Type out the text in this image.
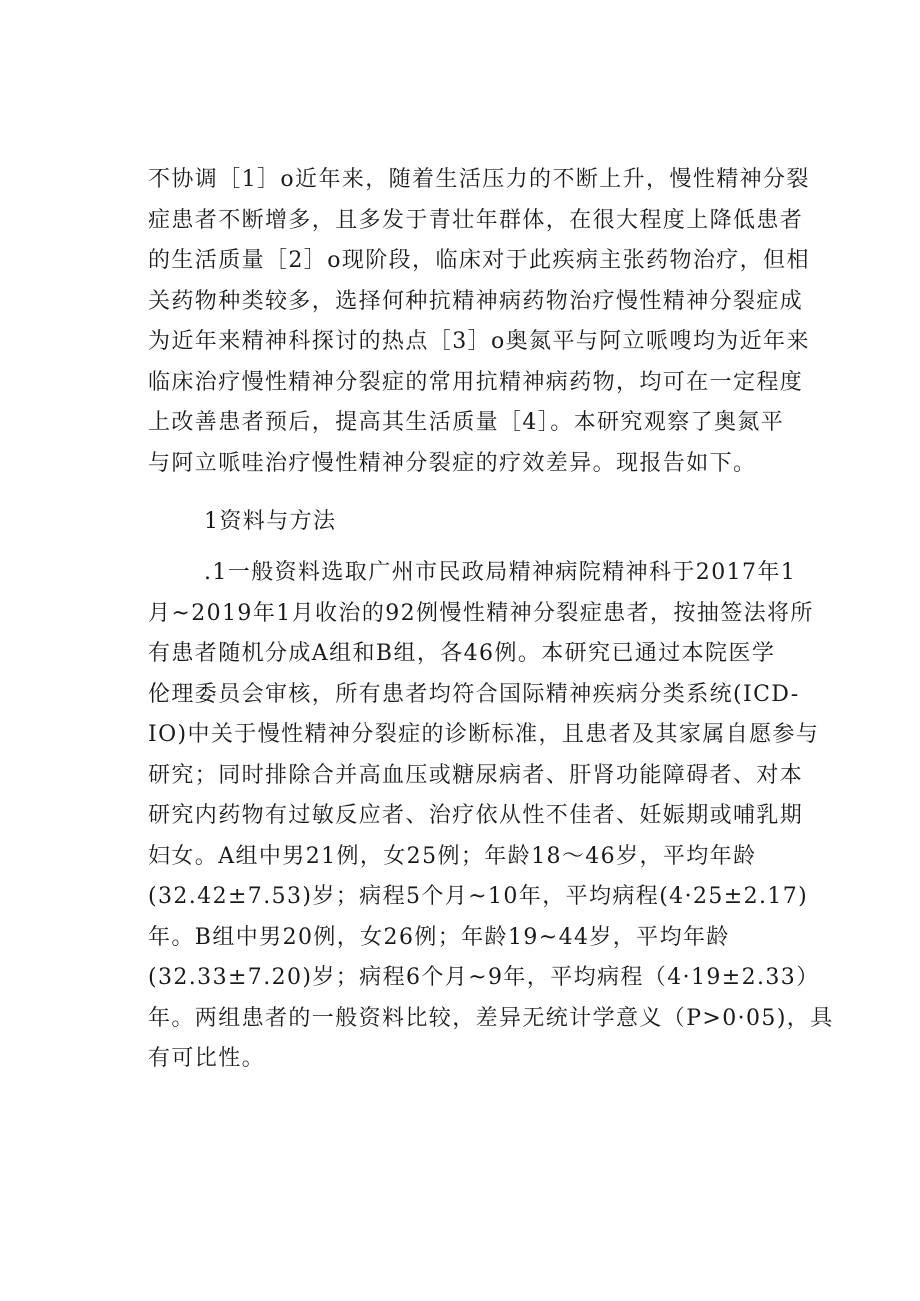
不协调［1］o近年来，随着生活压力的不断上升，慢性精神分裂
症患者不断增多，且多发于青壮年群体，在很大程度上降低患者
的生活质量［2］o现阶段，临床对于此疾病主张药物治疗，但相
关药物种类较多，选择何种抗精神病药物治疗慢性精神分裂症成
为近年来精神科探讨的热点［3］o奥氮平与阿立哌嗖均为近年来
临床治疗慢性精神分裂症的常用抗精神病药物，均可在一定程度
上改善患者预后，提高其生活质量［4］。本研究观察了奥氮平
与阿立哌哇治疗慢性精神分裂症的疗效差异。现报告如下。
1资料与方法
.1一般资料选取广州市民政局精神病院精神科于2017年1
月~2019年1月收治的92例慢性精神分裂症患者，按抽签法将所
有患者随机分成A组和B组，各46例。本研究已通过本院医学
伦理委员会审核，所有患者均符合国际精神疾病分类系统(ICD-
IO)中关于慢性精神分裂症的诊断标准，且患者及其家属自愿参与
研究；同时排除合并高血压或糖尿病者、肝肾功能障碍者、对本
研究内药物有过敏反应者、治疗依从性不佳者、妊娠期或哺乳期
妇女。A组中男21例，女25例；年龄18～46岁，平均年龄
(32.42±7.53)岁；病程5个月~10年，平均病程(4·25±2.17)
年。B组中男20例，女26例；年龄19~44岁，平均年龄
(32.33±7.20)岁；病程6个月~9年，平均病程（4·19±2.33）
年。两组患者的一般资料比较，差异无统计学意义（P>0·05)，具
有可比性。
